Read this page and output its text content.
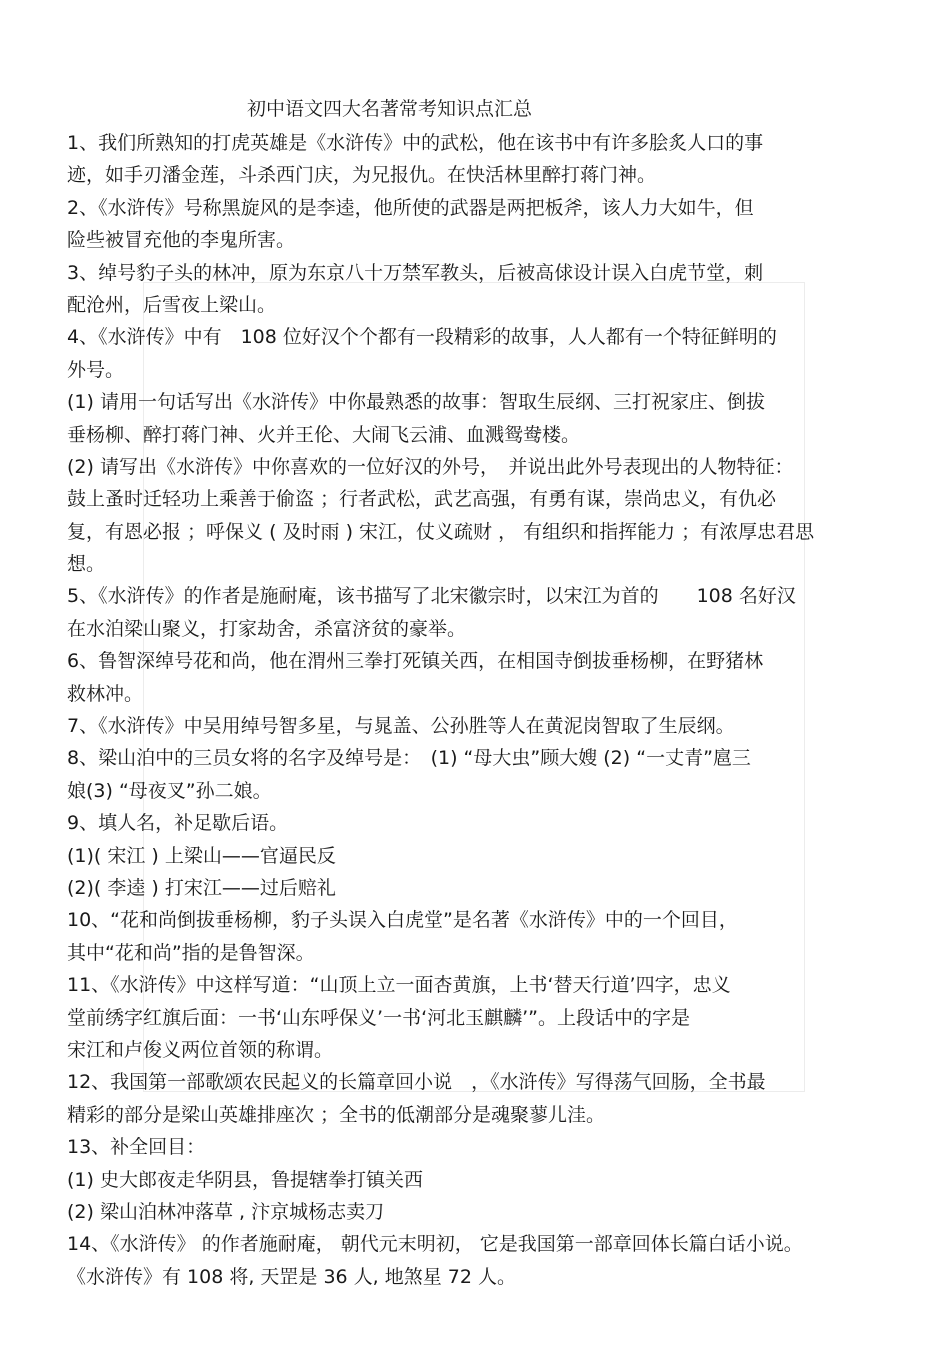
初中语文四大名著常考知识点汇总
1、我们所熟知的打虎英雄是《水浒传》中的武松，他在该书中有许多脍炙人口的事
迹，如手刃潘金莲，斗杀西门庆，为兄报仇。在快活林里醉打蒋门神。
2、《水浒传》号称黑旋风的是李逵，他所使的武器是两把板斧，该人力大如牛，但
险些被冒充他的李鬼所害。
3、绰号豹子头的林冲，原为东京八十万禁军教头，后被高俅设计误入白虎节堂，刺
配沧州，后雪夜上梁山。
4、《水浒传》中有　108 位好汉个个都有一段精彩的故事，人人都有一个特征鲜明的
外号。
(1) 请用一句话写出《水浒传》中你最熟悉的故事：智取生辰纲、三打祝家庄、倒拔
垂杨柳、醉打蒋门神、火并王伦、大闹飞云浦、血溅鸳鸯楼。
(2) 请写出《水浒传》中你喜欢的一位好汉的外号，　并说出此外号表现出的人物特征：
鼓上蚤时迁轻功上乘善于偷盗 ；行者武松，武艺高强，有勇有谋，崇尚忠义，有仇必
复，有恩必报 ；呼保义 ( 及时雨 ) 宋江，仗义疏财 ， 有组织和指挥能力 ；有浓厚忠君思
想。
5、《水浒传》的作者是施耐庵，该书描写了北宋徽宗时，以宋江为首的　　108 名好汉
在水泊梁山聚义，打家劫舍，杀富济贫的豪举。
6、鲁智深绰号花和尚，他在渭州三拳打死镇关西，在相国寺倒拔垂杨柳，在野猪林
救林冲。
7、《水浒传》中吴用绰号智多星，与晁盖、公孙胜等人在黄泥岗智取了生辰纲。
8、梁山泊中的三员女将的名字及绰号是：　(1) “母大虫”顾大嫂 (2) “一丈青”扈三
娘(3) “母夜叉”孙二娘。
9、填人名，补足歇后语。
(1)( 宋江 ) 上梁山——官逼民反
(2)( 李逵 ) 打宋江——过后赔礼
10、“花和尚倒拔垂杨柳，豹子头误入白虎堂”是名著《水浒传》中的一个回目，
其中“花和尚”指的是鲁智深。
11、《水浒传》中这样写道：“山顶上立一面杏黄旗，上书‘替天行道’四字，忠义
堂前绣字红旗后面：一书‘山东呼保义’一书‘河北玉麒麟’”。上段话中的字是
宋江和卢俊义两位首领的称谓。
12、我国第一部歌颂农民起义的长篇章回小说　，《水浒传》写得荡气回肠，全书最
精彩的部分是梁山英雄排座次 ；全书的低潮部分是魂聚蓼儿洼。
13、补全回目：
(1) 史大郎夜走华阴县，鲁提辖拳打镇关西
(2) 梁山泊林冲落草 , 汴京城杨志卖刀
14、《水浒传》 的作者施耐庵， 朝代元末明初， 它是我国第一部章回体长篇白话小说。
《水浒传》有 108 将, 天罡是 36 人, 地煞星 72 人。
